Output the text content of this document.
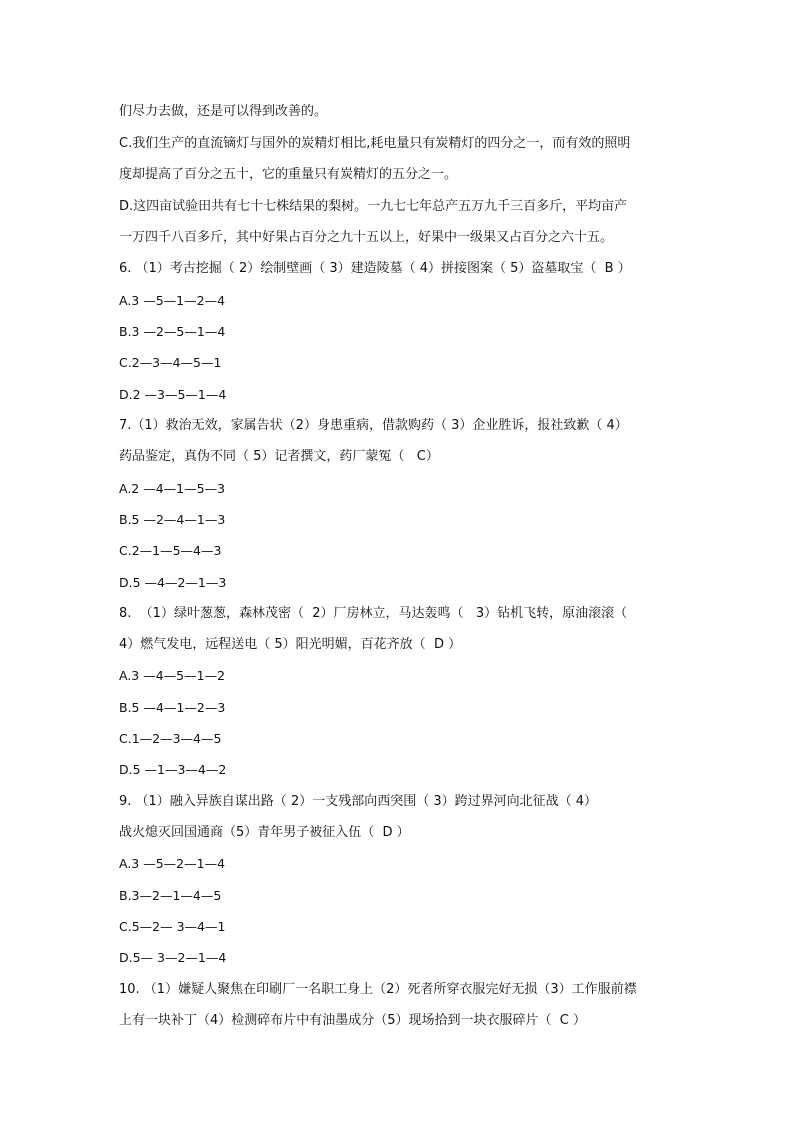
们尽力去做，还是可以得到改善的。

C.我们生产的直流镝灯与国外的炭精灯相比,耗电量只有炭精灯的四分之一，而有效的照明

度却提高了百分之五十，它的重量只有炭精灯的五分之一。

D.这四亩试验田共有七十七株结果的梨树。一九七七年总产五万九千三百多斤，平均亩产

一万四千八百多斤，其中好果占百分之九十五以上，好果中一级果又占百分之六十五。

6. （1）考古挖掘（ 2）绘制壁画（ 3）建造陵墓（ 4）拼接图案（ 5）盗墓取宝（  B ）

A.3 —5—1—2—4

B.3 —2—5—1—4

C.2—3—4—5—1

D.2 —3—5—1—4

7.（1）救治无效，家属告状（2）身患重病，借款购药（ 3）企业胜诉，报社致歉（ 4）

药品鉴定，真伪不同（ 5）记者撰文，药厂蒙冤（   C）

A.2 —4—1—5—3

B.5 —2—4—1—3

C.2—1—5—4—3

D.5 —4—2—1—3

8.  （1）绿叶葱葱，森林茂密（  2）厂房林立，马达轰鸣（   3）钻机飞转，原油滚滚（

4）燃气发电，远程送电（ 5）阳光明媚，百花齐放（  D ）

A.3 —4—5—1—2

B.5 —4—1—2—3

C.1—2—3—4—5

D.5 —1—3—4—2

9. （1）融入异族自谋出路（ 2）一支残部向西突围（ 3）跨过界河向北征战（ 4）

战火熄灭回国通商（5）青年男子被征入伍（  D ）

A.3 —5—2—1—4

B.3—2—1—4—5

C.5—2— 3—4—1

D.5— 3—2—1—4

10. （1）嫌疑人聚焦在印刷厂一名职工身上（2）死者所穿衣服完好无损（3）工作服前襟

上有一块补丁（4）检测碎布片中有油墨成分（5）现场拾到一块衣服碎片（  C ）
